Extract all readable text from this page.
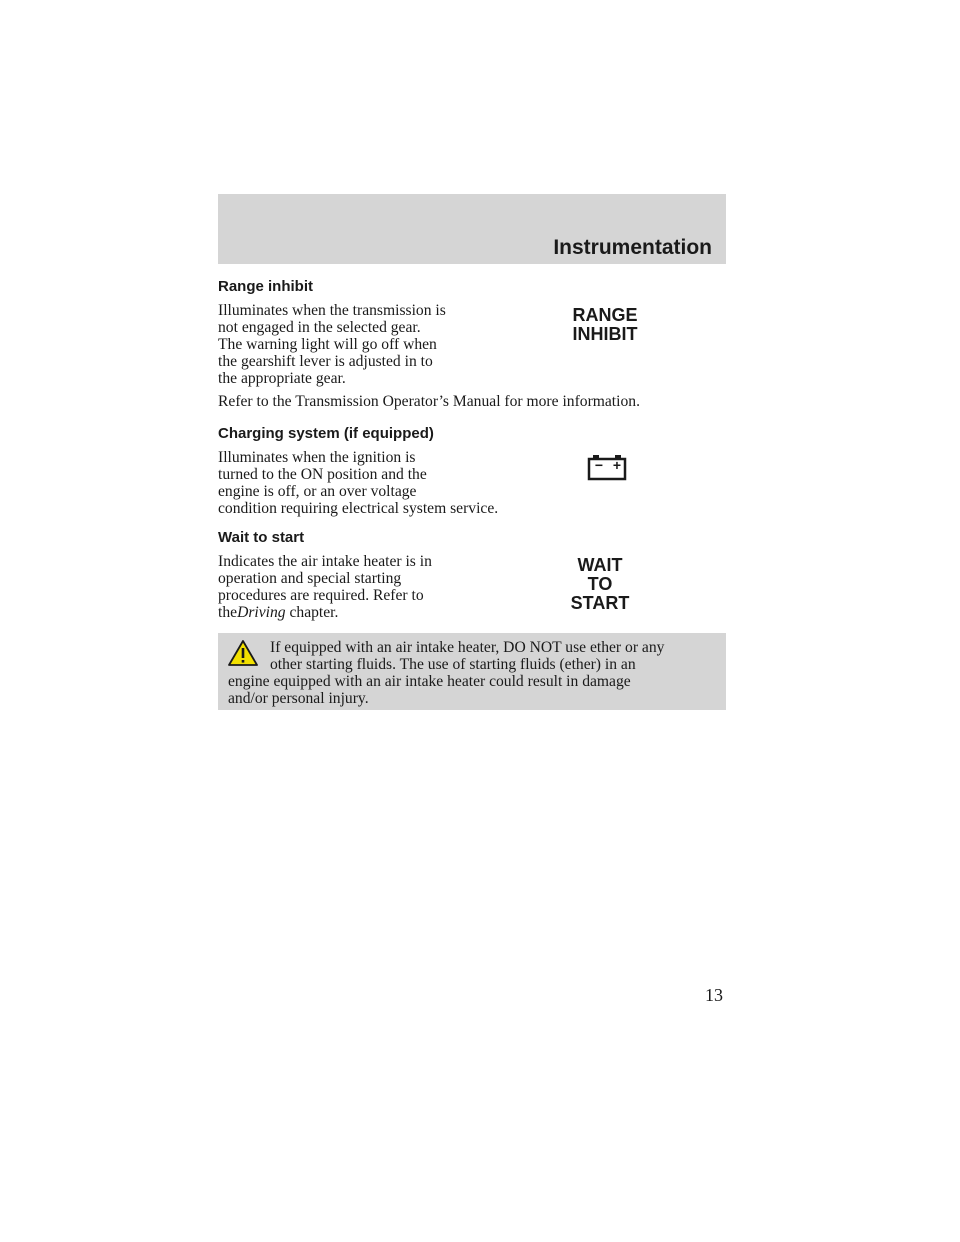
Instrumentation
Range inhibit
Illuminates when the transmission is
not engaged in the selected gear.
The warning light will go off when
the gearshift lever is adjusted in to
the appropriate gear.
RANGE
INHIBIT
Refer to the Transmission Operator’s Manual for more information.
Charging system (if equipped)
Illuminates when the ignition is
turned to the ON position and the
engine is off, or an over voltage
condition requiring electrical system service.
− +
Wait to start
Indicates the air intake heater is in
operation and special starting
procedures are required. Refer to
theDriving chapter.
WAIT
TO
START
If equipped with an air intake heater, DO NOT use ether or any
other starting fluids. The use of starting fluids (ether) in an
engine equipped with an air intake heater could result in damage
and/or personal injury.
13
